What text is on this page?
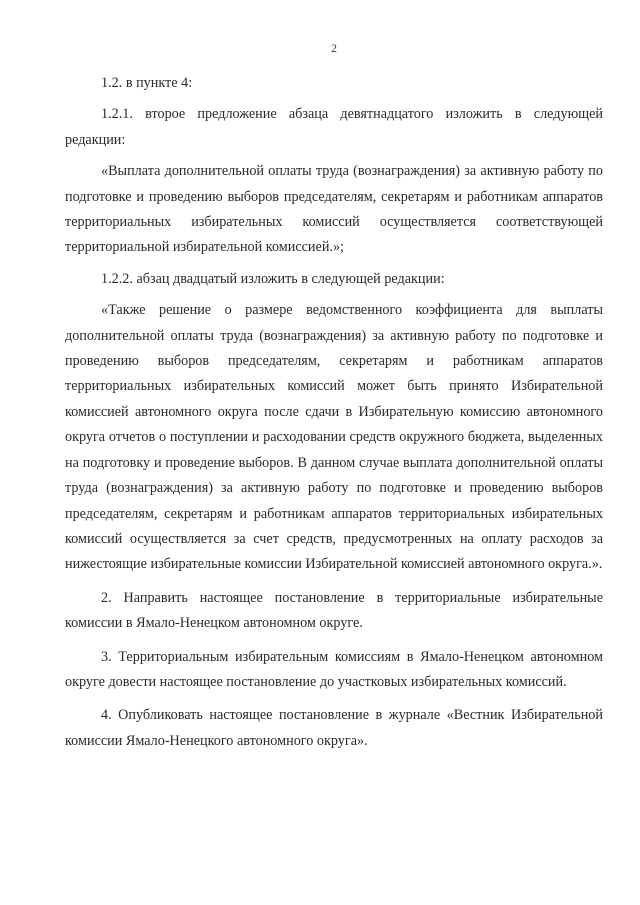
2

1.2. в пункте 4:

1.2.1. второе предложение абзаца девятнадцатого изложить в следующей редакции:

«Выплата дополнительной оплаты труда (вознаграждения) за активную работу по подготовке и проведению выборов председателям, секретарям и работникам аппаратов территориальных избирательных комиссий осуществляется соответствующей территориальной избирательной комиссией.»;

1.2.2. абзац двадцатый изложить в следующей редакции:

«Также решение о размере ведомственного коэффициента для выплаты дополнительной оплаты труда (вознаграждения) за активную работу по подготовке и проведению выборов председателям, секретарям и работникам аппаратов территориальных избирательных комиссий может быть принято Избирательной комиссией автономного округа после сдачи в Избирательную комиссию автономного округа отчетов о поступлении и расходовании средств окружного бюджета, выделенных на подготовку и проведение выборов. В данном случае выплата дополнительной оплаты труда (вознаграждения) за активную работу по подготовке и проведению выборов председателям, секретарям и работникам аппаратов территориальных избирательных комиссий осуществляется за счет средств, предусмотренных на оплату расходов за нижестоящие избирательные комиссии Избирательной комиссией автономного округа.».

2. Направить настоящее постановление в территориальные избирательные комиссии в Ямало-Ненецком автономном округе.

3. Территориальным избирательным комиссиям в Ямало-Ненецком автономном округе довести настоящее постановление до участковых избирательных комиссий.

4. Опубликовать настоящее постановление в журнале «Вестник Избирательной комиссии Ямало-Ненецкого автономного округа».
